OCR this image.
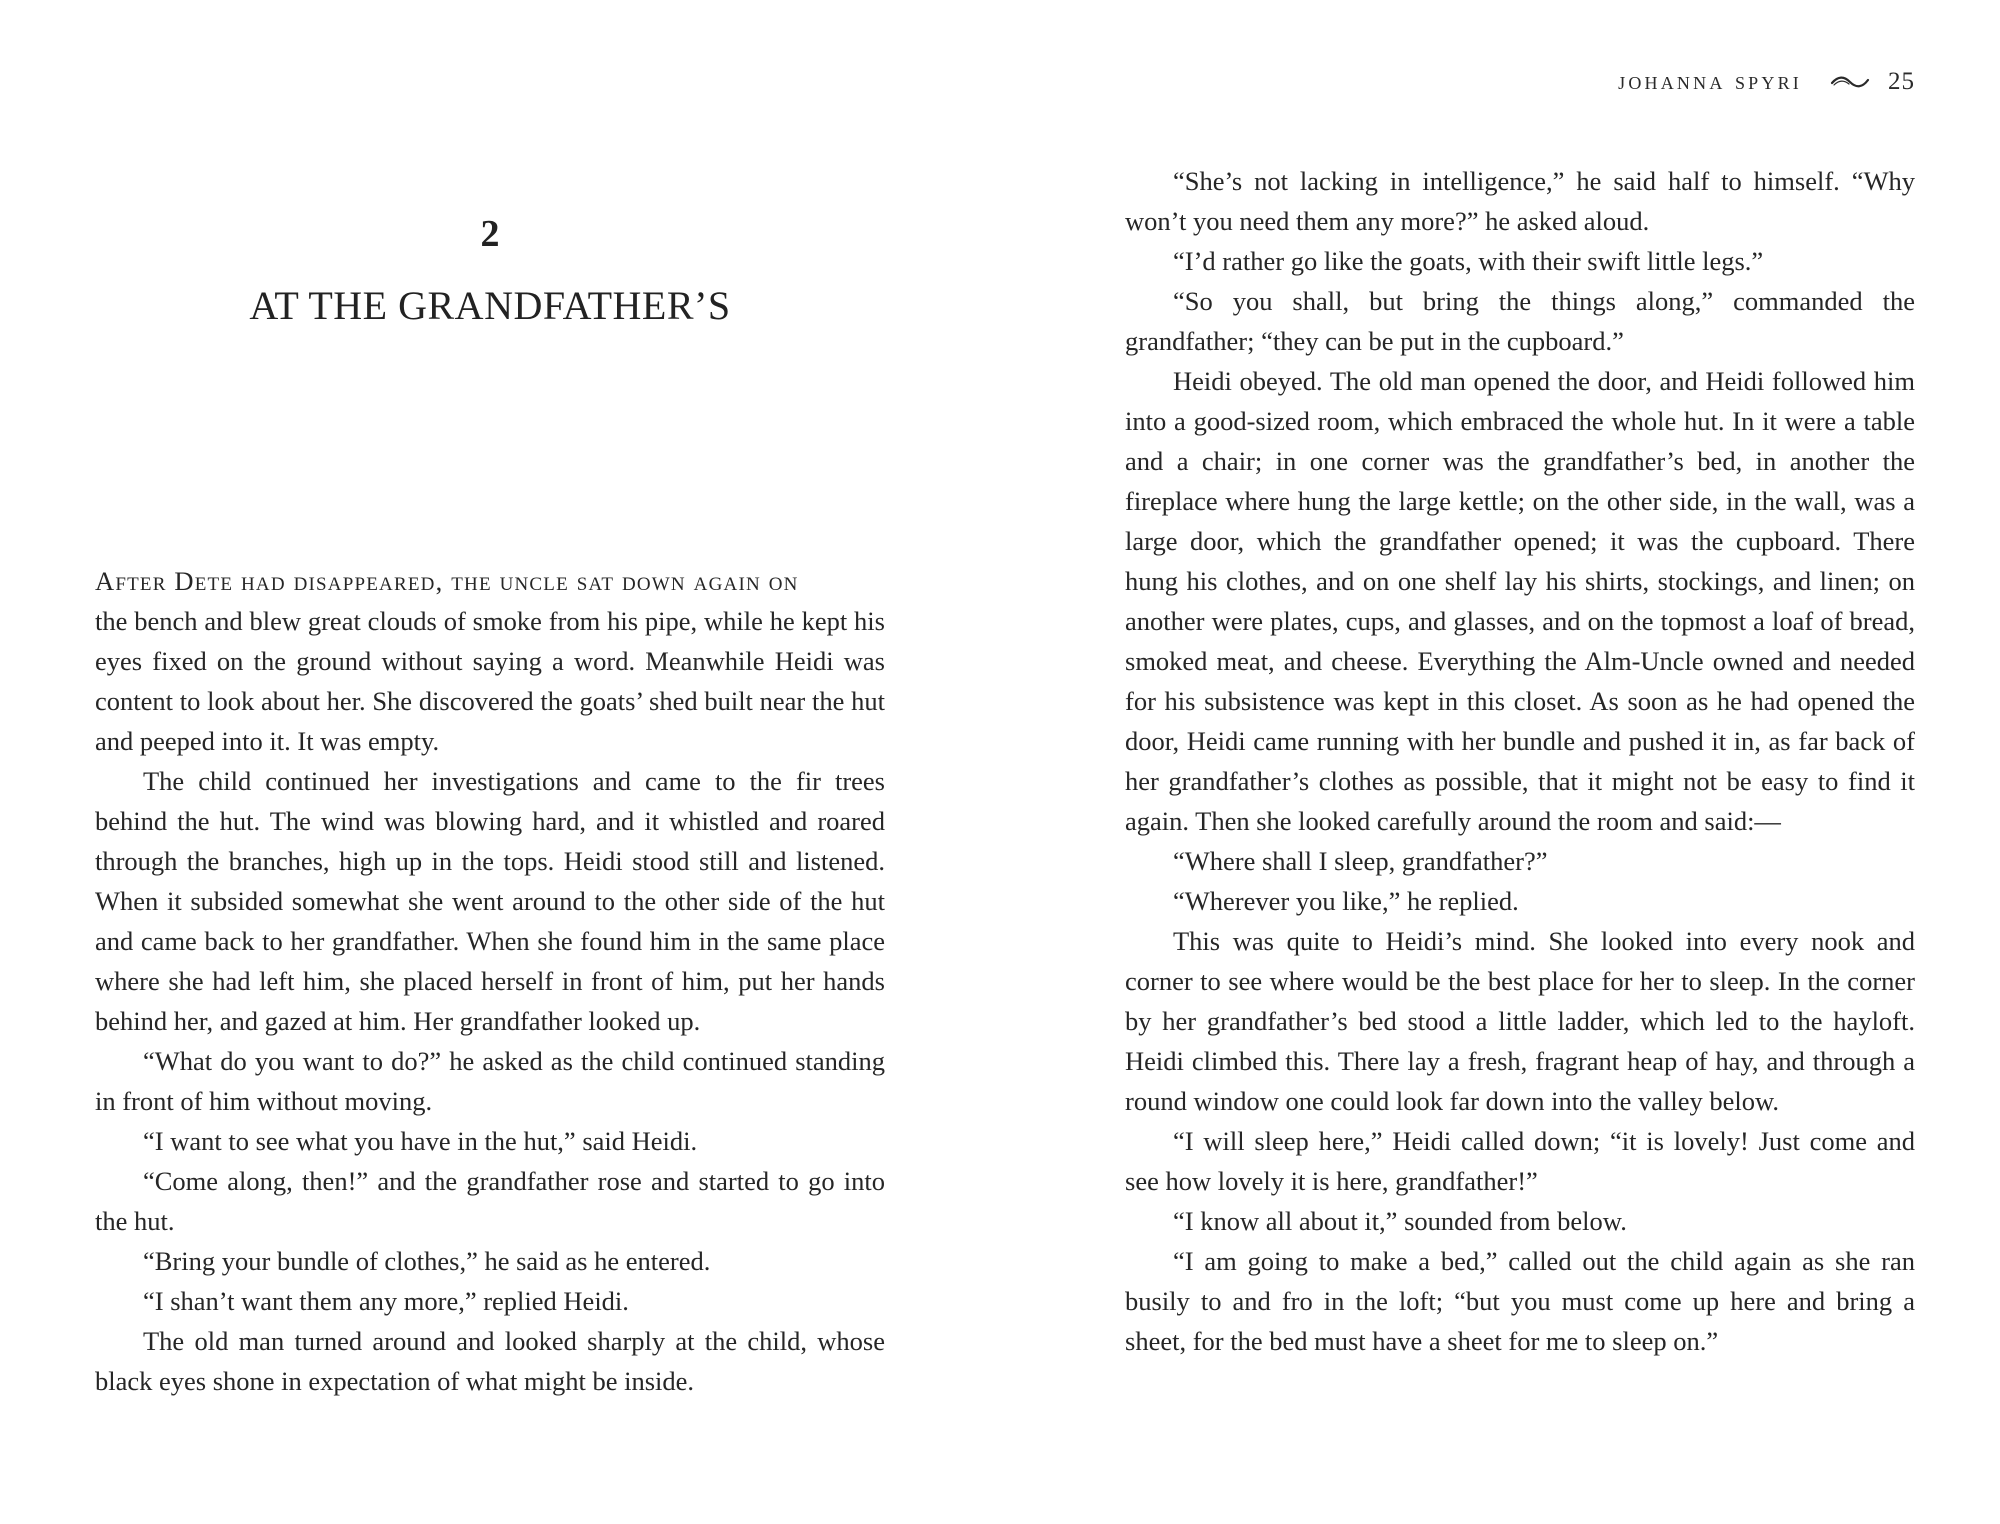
2
AT THE GRANDFATHER’S

After Dete had disappeared, the uncle sat down again on

the bench and blew great clouds of smoke from his pipe, while he kept his eyes fixed on the ground without saying a word. Meanwhile Heidi was content to look about her. She discovered the goats’ shed built near the hut and peeped into it. It was empty.

The child continued her investigations and came to the fir trees behind the hut. The wind was blowing hard, and it whistled and roared through the branches, high up in the tops. Heidi stood still and listened. When it subsided somewhat she went around to the other side of the hut and came back to her grandfather. When she found him in the same place where she had left him, she placed herself in front of him, put her hands behind her, and gazed at him. Her grandfather looked up.

“What do you want to do?” he asked as the child continued standing in front of him without moving.

“I want to see what you have in the hut,” said Heidi.

“Come along, then!” and the grandfather rose and started to go into the hut.

“Bring your bundle of clothes,” he said as he entered.

“I shan’t want them any more,” replied Heidi.

The old man turned around and looked sharply at the child, whose black eyes shone in expectation of what might be inside.

johanna spyri	25

“She’s not lacking in intelligence,” he said half to himself. “Why won’t you need them any more?” he asked aloud.

“I’d rather go like the goats, with their swift little legs.”

“So you shall, but bring the things along,” commanded the grandfather; “they can be put in the cupboard.”

Heidi obeyed. The old man opened the door, and Heidi followed him into a good-sized room, which embraced the whole hut. In it were a table and a chair; in one corner was the grandfather’s bed, in another the fireplace where hung the large kettle; on the other side, in the wall, was a large door, which the grandfather opened; it was the cupboard. There hung his clothes, and on one shelf lay his shirts, stockings, and linen; on another were plates, cups, and glasses, and on the topmost a loaf of bread, smoked meat, and cheese. Everything the Alm-Uncle owned and needed for his subsistence was kept in this closet. As soon as he had opened the door, Heidi came running with her bundle and pushed it in, as far back of her grandfather’s clothes as possible, that it might not be easy to find it again. Then she looked carefully around the room and said:—

“Where shall I sleep, grandfather?”

“Wherever you like,” he replied.

This was quite to Heidi’s mind. She looked into every nook and corner to see where would be the best place for her to sleep. In the corner by her grandfather’s bed stood a little ladder, which led to the hayloft. Heidi climbed this. There lay a fresh, fragrant heap of hay, and through a round window one could look far down into the valley below.

“I will sleep here,” Heidi called down; “it is lovely! Just come and see how lovely it is here, grandfather!”

“I know all about it,” sounded from below.

“I am going to make a bed,” called out the child again as she ran busily to and fro in the loft; “but you must come up here and bring a sheet, for the bed must have a sheet for me to sleep on.”
